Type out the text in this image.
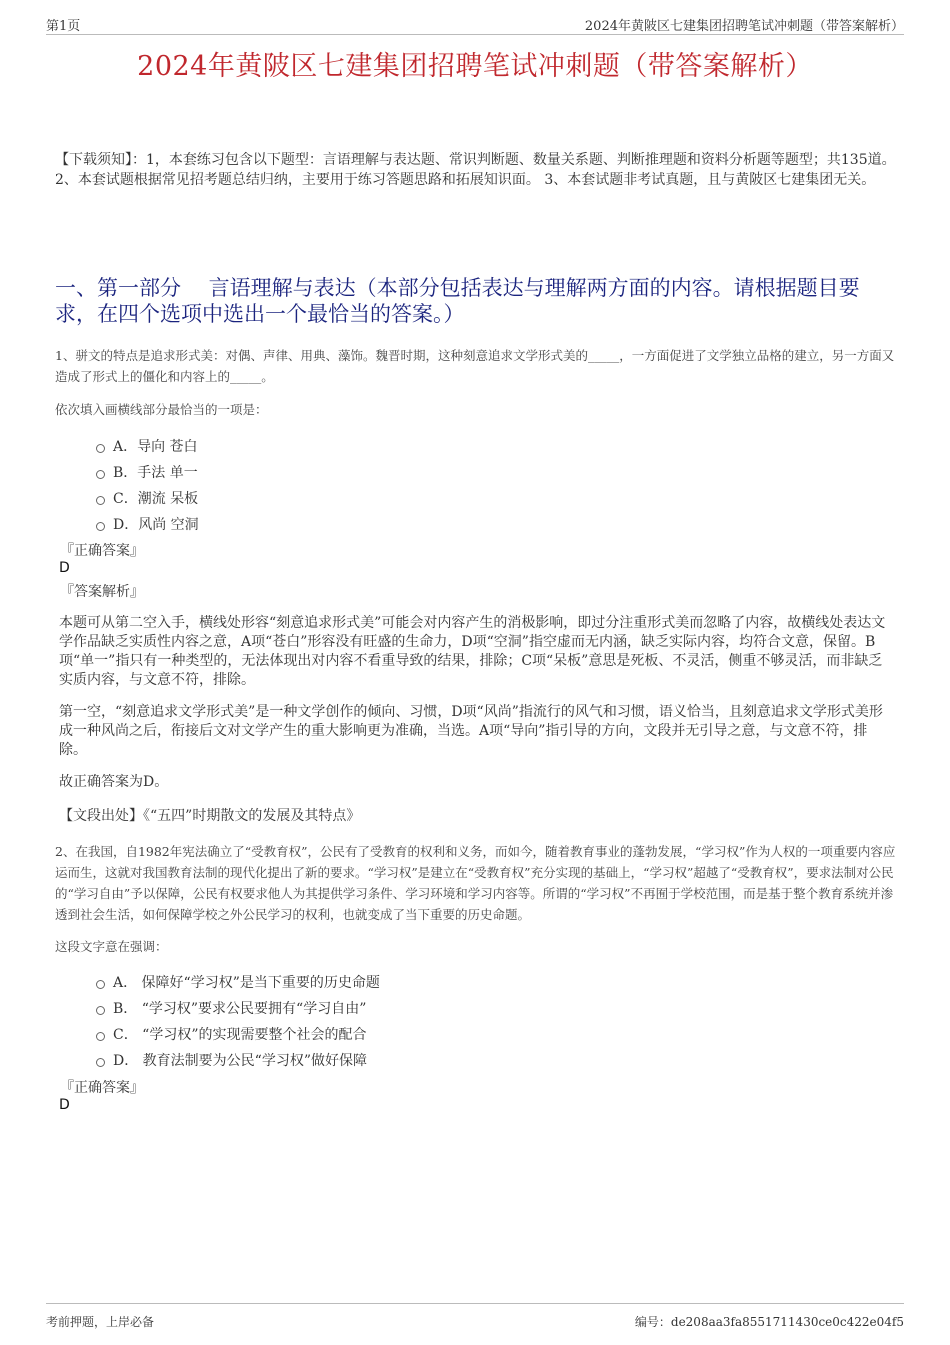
第1页	2024年黄陂区七建集团招聘笔试冲刺题（带答案解析）
2024年黄陂区七建集团招聘笔试冲刺题（带答案解析）
【下载须知】：1，本套练习包含以下题型：言语理解与表达题、常识判断题、数量关系题、判断推理题和资料分析题等题型；共135道。 2、本套试题根据常见招考题总结归纳，主要用于练习答题思路和拓展知识面。 3、本套试题非考试真题，且与黄陂区七建集团无关。
一、第一部分　 言语理解与表达（本部分包括表达与理解两方面的内容。请根据题目要求，在四个选项中选出一个最恰当的答案。）
1、骈文的特点是追求形式美：对偶、声律、用典、藻饰。魏晋时期，这种刻意追求文学形式美的_____，一方面促进了文学独立品格的建立，另一方面又造成了形式上的僵化和内容上的_____。
依次填入画横线部分最恰当的一项是：
A．导向 苍白
B．手法 单一
C．潮流 呆板
D．风尚 空洞
『正确答案』
D
『答案解析』
本题可从第二空入手，横线处形容“刻意追求形式美”可能会对内容产生的消极影响，即过分注重形式美而忽略了内容，故横线处表达文学作品缺乏实质性内容之意，A项“苍白”形容没有旺盛的生命力，D项“空洞”指空虚而无内涵，缺乏实际内容，均符合文意，保留。B项“单一”指只有一种类型的，无法体现出对内容不看重导致的结果，排除；C项“呆板”意思是死板、不灵活，侧重不够灵活，而非缺乏实质内容，与文意不符，排除。
第一空，“刻意追求文学形式美”是一种文学创作的倾向、习惯，D项“风尚”指流行的风气和习惯，语义恰当，且刻意追求文学形式美形成一种风尚之后，衔接后文对文学产生的重大影响更为准确，当选。A项“导向”指引导的方向，文段并无引导之意，与文意不符，排除。
故正确答案为D。
【文段出处】《“五四”时期散文的发展及其特点》
2、在我国，自1982年宪法确立了“受教育权”，公民有了受教育的权利和义务，而如今，随着教育事业的蓬勃发展，“学习权”作为人权的一项重要内容应运而生，这就对我国教育法制的现代化提出了新的要求。“学习权”是建立在“受教育权”充分实现的基础上，“学习权”超越了“受教育权”，要求法制对公民的“学习自由”予以保障，公民有权要求他人为其提供学习条件、学习环境和学习内容等。所谓的“学习权”不再囿于学校范围，而是基于整个教育系统并渗透到社会生活，如何保障学校之外公民学习的权利，也就变成了当下重要的历史命题。
这段文字意在强调：
A． 保障好“学习权”是当下重要的历史命题
B． “学习权”要求公民要拥有“学习自由”
C． “学习权”的实现需要整个社会的配合
D． 教育法制要为公民“学习权”做好保障
『正确答案』
D
考前押题，上岸必备	编号：de208aa3fa8551711430ce0c422e04f5
